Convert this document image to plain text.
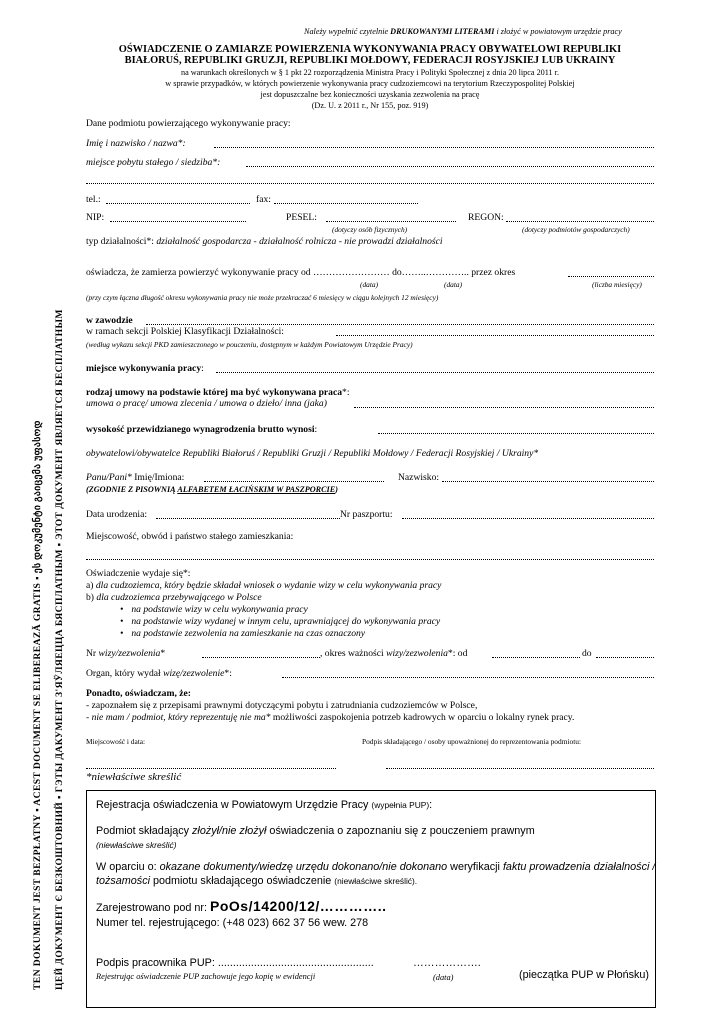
TEN DOKUMENT JEST BEZPŁATNY ▪ ACEST DOCUMENT SE ELIBEREAZĂ GRATIS ▪ ეს დოკუმენტი გაიცემა უფასოდ ЦЕЙ ДОКУМЕНТ Є БЕЗКОШТОВНИЙ ▪ ГЭТЫ ДАКУМЕНТ З'ЯЎЛЯЕЦЦА БЯСПЛАТНЫМ ▪ ЭТОТ ДОКУМЕНТ ЯВЛЯЕТСЯ БЕСПЛАТНЫМ
Należy wypełnić czytelnie DRUKOWANYMI LITERAMI i złożyć w powiatowym urzędzie pracy
OŚWIADCZENIE O ZAMIARZE POWIERZENIA WYKONYWANIA PRACY OBYWATELOWI REPUBLIKI
BIAŁORUŚ, REPUBLIKI GRUZJI, REPUBLIKI MOŁDOWY, FEDERACJI ROSYJSKIEJ LUB UKRAINY
na warunkach określonych w § 1 pkt 22 rozporządzenia Ministra Pracy i Polityki Społecznej z dnia 20 lipca 2011 r.
w sprawie przypadków, w których powierzenie wykonywania pracy cudzoziemcowi na terytorium Rzeczypospolitej Polskiej
jest dopuszczalne bez konieczności uzyskania zezwolenia na pracę
(Dz. U. z 2011 r., Nr 155, poz. 919)
Dane podmiotu powierzającego wykonywanie pracy:
Imię i nazwisko / nazwa*:
miejsce pobytu stałego / siedziba*:
tel.:	fax:
NIP:	PESEL:	REGON:
(dotyczy osób fizycznych)	(dotyczy podmiotów gospodarczych)
typ działalności*: działalność gospodarcza - działalność rolnicza - nie prowadzi działalności
oświadcza, że zamierza powierzyć wykonywanie pracy od …………………… do……..………….. przez okres
(data)	(data)	(liczba miesięcy)
(przy czym łączna długość okresu wykonywania pracy nie może przekraczać 6 miesięcy w ciągu kolejnych 12 miesięcy)
w zawodzie
w ramach sekcji Polskiej Klasyfikacji Działalności:
(według wykazu sekcji PKD zamieszczonego w pouczeniu, dostępnym w każdym Powiatowym Urzędzie Pracy)
miejsce wykonywania pracy:
rodzaj umowy na podstawie której ma być wykonywana praca*:
umowa o pracę/ umowa zlecenia / umowa o dzieło/ inna (jaka)
wysokość przewidzianego wynagrodzenia brutto wynosi:
obywatelowi/obywatelce Republiki Białoruś / Republiki Gruzji / Republiki Mołdowy / Federacji Rosyjskiej / Ukrainy*
Panu/Pani* Imię/Imiona:	Nazwisko:
(ZGODNIE Z PISOWNIĄ ALFABETEM ŁACIŃSKIM W PASZPORCIE)
Data urodzenia:	Nr paszportu:
Miejscowość, obwód i państwo stałego zamieszkania:
Oświadczenie wydaje się*:
a) dla cudzoziemca, który będzie składał wniosek o wydanie wizy w celu wykonywania pracy
b) dla cudzoziemca przebywającego w Polsce
• na podstawie wizy w celu wykonywania pracy
• na podstawie wizy wydanej w innym celu, uprawniającej do wykonywania pracy
• na podstawie zezwolenia na zamieszkanie na czas oznaczony
Nr wizy/zezwolenia*	, okres ważności wizy/zezwolenia*: od	do
Organ, który wydał wizę/zezwolenie*:
Ponadto, oświadczam, że:
- zapoznałem się z przepisami prawnymi dotyczącymi pobytu i zatrudniania cudzoziemców w Polsce,
- nie mam / podmiot, który reprezentuję nie ma* możliwości zaspokojenia potrzeb kadrowych w oparciu o lokalny rynek pracy.
Miejscowość i data:	Podpis składającego / osoby upoważnionej do reprezentowania podmiotu:
*niewłaściwe skreślić
Rejestracja oświadczenia w Powiatowym Urzędzie Pracy (wypełnia PUP):
Podmiot składający złożył/nie złożył oświadczenia o zapoznaniu się z pouczeniem prawnym
(niewłaściwe skreślić)
W oparciu o: okazane dokumenty/wiedzę urzędu dokonano/nie dokonano weryfikacji faktu prowadzenia działalności /
tożsamości podmiotu składającego oświadczenie (niewłaściwe skreślić).
Zarejestrowano pod nr: PoOs/14200/12/…………..
Numer tel. rejestrującego: (+48 023) 662 37 56 wew. 278
Podpis pracownika PUP: ....................................................	……………….
Rejestrując oświadczenie PUP zachowuje jego kopię w ewidencji	(data)	(pieczątka PUP w Płońsku)
